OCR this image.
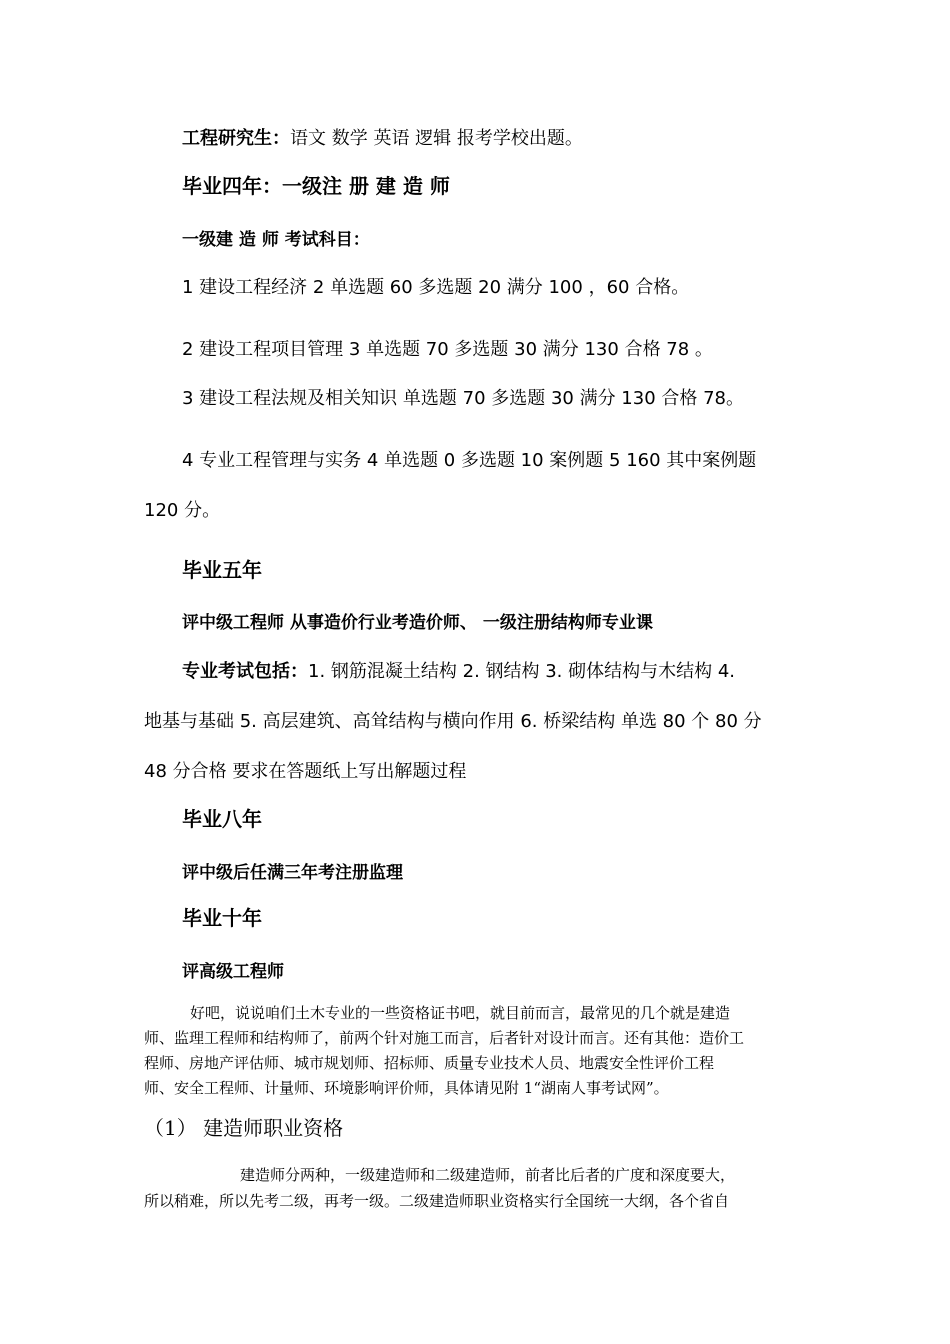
工程研究生：语文 数学 英语 逻辑 报考学校出题。
毕业四年：一级注 册 建 造 师
一级建 造 师 考试科目：
1 建设工程经济 2 单选题 60 多选题 20 满分 100 ，60 合格。
2 建设工程项目管理 3 单选题 70 多选题 30 满分 130 合格 78 。
3 建设工程法规及相关知识 单选题 70 多选题 30 满分 130 合格 78。
4 专业工程管理与实务 4 单选题 0 多选题 10 案例题 5 160 其中案例题
120 分。
毕业五年
评中级工程师 从事造价行业考造价师、 一级注册结构师专业课
专业考试包括：1. 钢筋混凝土结构 2. 钢结构 3. 砌体结构与木结构 4.
地基与基础 5. 高层建筑、高耸结构与横向作用 6. 桥梁结构 单选 80 个 80 分
48 分合格 要求在答题纸上写出解题过程
毕业八年
评中级后任满三年考注册监理
毕业十年
评高级工程师
好吧，说说咱们土木专业的一些资格证书吧，就目前而言，最常见的几个就是建造
师、监理工程师和结构师了，前两个针对施工而言，后者针对设计而言。还有其他：造价工
程师、房地产评估师、城市规划师、招标师、质量专业技术人员、地震安全性评价工程
师、安全工程师、计量师、环境影响评价师，具体请见附 1“湖南人事考试网”。
（1） 建造师职业资格
建造师分两种，一级建造师和二级建造师，前者比后者的广度和深度要大，
所以稍难，所以先考二级，再考一级。二级建造师职业资格实行全国统一大纲，各个省自
